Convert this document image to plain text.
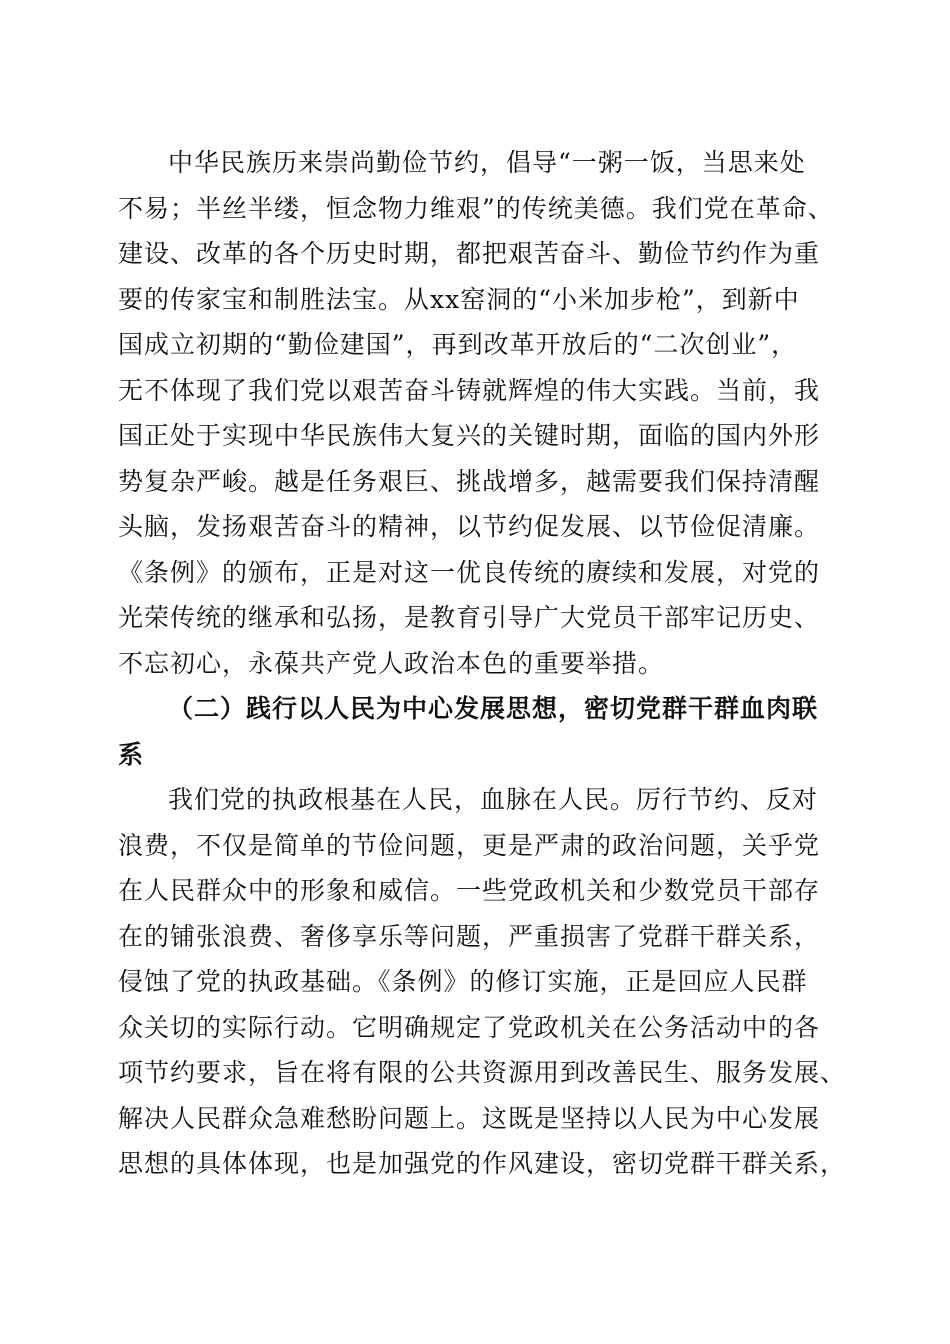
中华民族历来崇尚勤俭节约，倡导“一粥一饭，当思来处
不易；半丝半缕，恒念物力维艰”的传统美德。我们党在革命、
建设、改革的各个历史时期，都把艰苦奋斗、勤俭节约作为重
要的传家宝和制胜法宝。从xx窑洞的“小米加步枪”，到新中
国成立初期的“勤俭建国”，再到改革开放后的“二次创业”，
无不体现了我们党以艰苦奋斗铸就辉煌的伟大实践。当前，我
国正处于实现中华民族伟大复兴的关键时期，面临的国内外形
势复杂严峻。越是任务艰巨、挑战增多，越需要我们保持清醒
头脑，发扬艰苦奋斗的精神，以节约促发展、以节俭促清廉。
《条例》的颁布，正是对这一优良传统的赓续和发展，对党的
光荣传统的继承和弘扬，是教育引导广大党员干部牢记历史、
不忘初心，永葆共产党人政治本色的重要举措。
（二）践行以人民为中心发展思想，密切党群干群血肉联
系
我们党的执政根基在人民，血脉在人民。厉行节约、反对
浪费，不仅是简单的节俭问题，更是严肃的政治问题，关乎党
在人民群众中的形象和威信。一些党政机关和少数党员干部存
在的铺张浪费、奢侈享乐等问题，严重损害了党群干群关系，
侵蚀了党的执政基础。《条例》的修订实施，正是回应人民群
众关切的实际行动。它明确规定了党政机关在公务活动中的各
项节约要求，旨在将有限的公共资源用到改善民生、服务发展、
解决人民群众急难愁盼问题上。这既是坚持以人民为中心发展
思想的具体体现，也是加强党的作风建设，密切党群干群关系，
